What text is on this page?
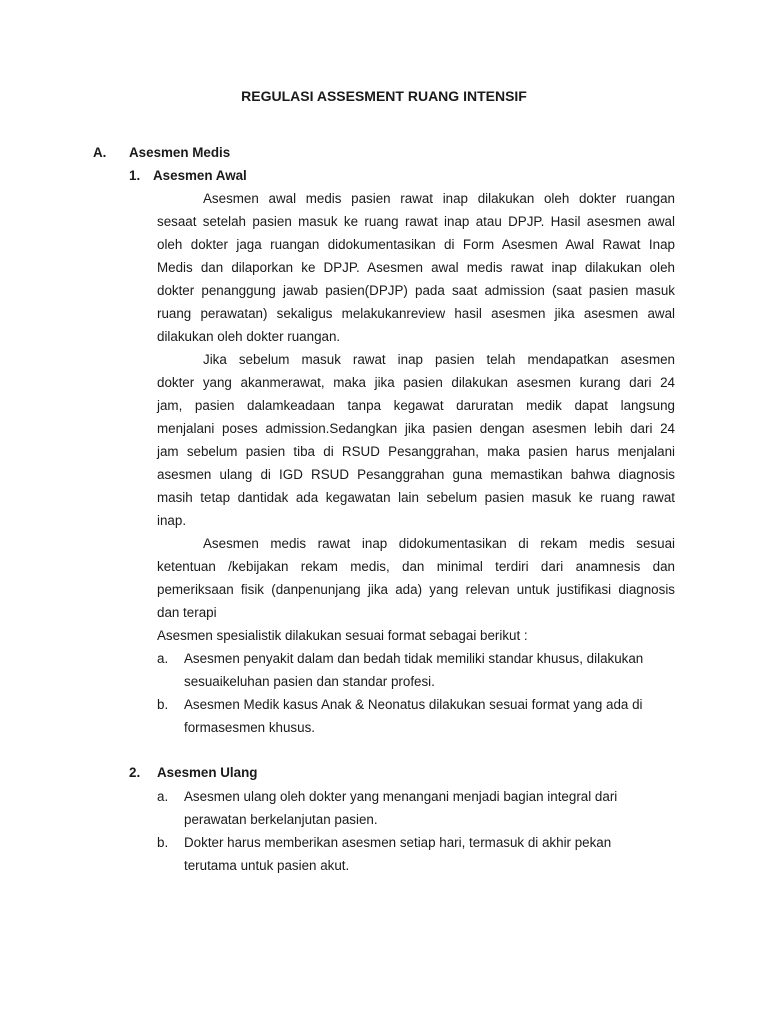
REGULASI ASSESMENT RUANG INTENSIF
A. Asesmen Medis
1. Asesmen Awal
Asesmen awal medis pasien rawat inap dilakukan oleh dokter ruangan
sesaat setelah pasien masuk ke ruang rawat inap atau DPJP. Hasil asesmen awal
oleh dokter jaga ruangan didokumentasikan di Form Asesmen Awal Rawat Inap
Medis dan dilaporkan ke DPJP. Asesmen awal medis rawat inap dilakukan oleh
dokter penanggung jawab pasien(DPJP) pada saat admission (saat pasien masuk
ruang perawatan) sekaligus melakukanreview hasil asesmen jika asesmen awal
dilakukan oleh dokter ruangan.
Jika sebelum masuk rawat inap pasien telah mendapatkan asesmen
dokter yang akanmerawat, maka jika pasien dilakukan asesmen kurang dari 24
jam, pasien dalamkeadaan tanpa kegawat daruratan medik dapat langsung
menjalani poses admission.Sedangkan jika pasien dengan asesmen lebih dari 24
jam sebelum pasien tiba di RSUD Pesanggrahan, maka pasien harus menjalani
asesmen ulang di IGD RSUD Pesanggrahan guna memastikan bahwa diagnosis
masih tetap dantidak ada kegawatan lain sebelum pasien masuk ke ruang rawat
inap.
Asesmen medis rawat inap didokumentasikan di rekam medis sesuai
ketentuan /kebijakan rekam medis, dan minimal terdiri dari anamnesis dan
pemeriksaan fisik (danpenunjang jika ada) yang relevan untuk justifikasi diagnosis
dan terapi
Asesmen spesialistik dilakukan sesuai format sebagai berikut :
a. Asesmen penyakit dalam dan bedah tidak memiliki standar khusus, dilakukan
sesuaikeluhan pasien dan standar profesi.
b. Asesmen Medik kasus Anak & Neonatus dilakukan sesuai format yang ada di
formasesmen khusus.
2. Asesmen Ulang
a. Asesmen ulang oleh dokter yang menangani menjadi bagian integral dari
perawatan berkelanjutan pasien.
b. Dokter harus memberikan asesmen setiap hari, termasuk di akhir pekan
terutama untuk pasien akut.
